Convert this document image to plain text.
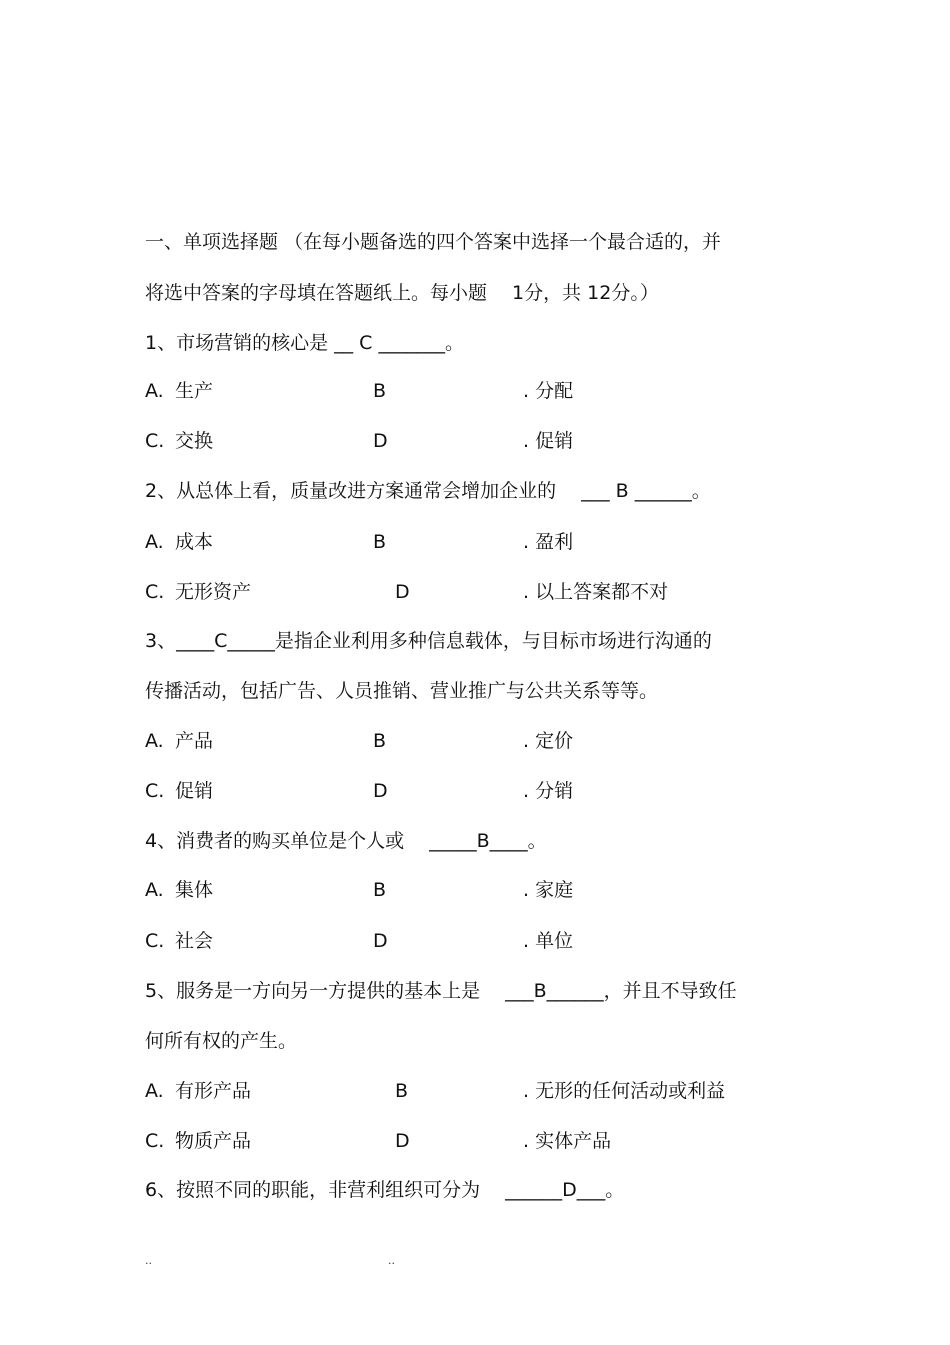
一、单项选择题 （在每小题备选的四个答案中选择一个最合适的，并
将选中答案的字母填在答题纸上。每小题　 1分，共 12分。）
1、市场营销的核心是 __ C _______。
A. 生产	B	. 分配
C. 交换	D	. 促销
2、从总体上看，质量改进方案通常会增加企业的 　___ B ______。
A. 成本	B	. 盈利
C. 无形资产	D	. 以上答案都不对
3、____C_____是指企业利用多种信息载体，与目标市场进行沟通的
传播活动，包括广告、人员推销、营业推广与公共关系等等。
A. 产品	B	. 定价
C. 促销	D	. 分销
4、消费者的购买单位是个人或 　_____B____。
A. 集体	B	. 家庭
C. 社会	D	. 单位
5、服务是一方向另一方提供的基本上是 　___B______，并且不导致任
何所有权的产生。
A. 有形产品	B	. 无形的任何活动或利益
C. 物质产品	D	. 实体产品
6、按照不同的职能，非营利组织可分为 　______D___。
..	..
